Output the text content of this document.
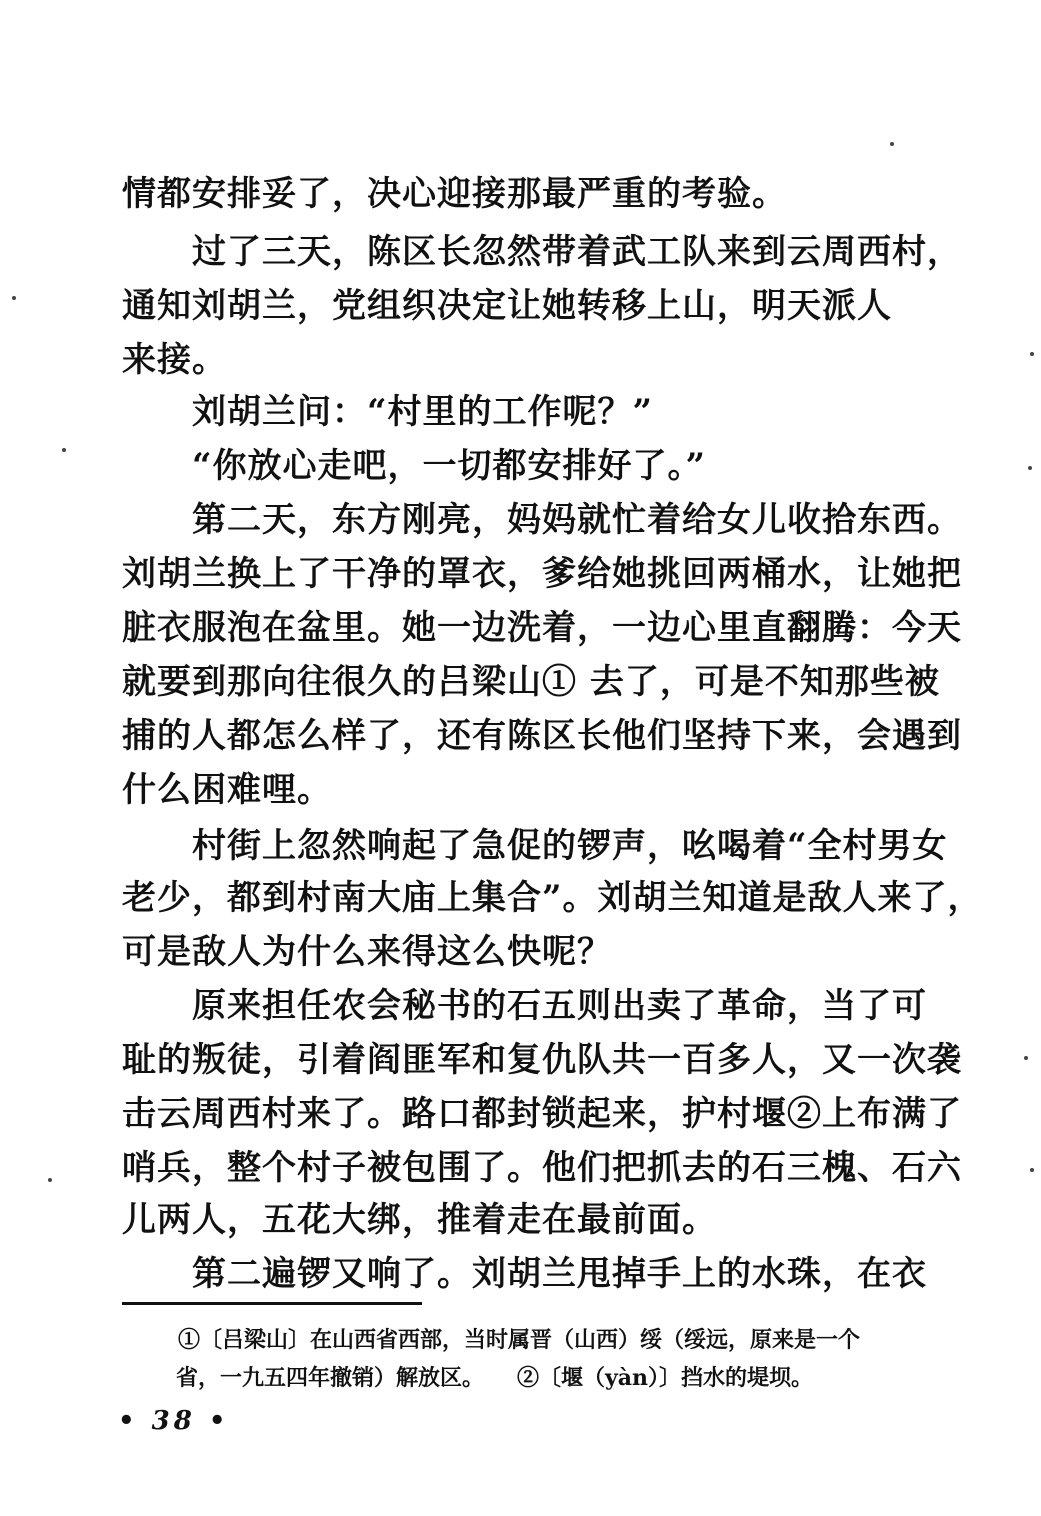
情都安排妥了，决心迎接那最严重的考验。
过了三天，陈区长忽然带着武工队来到云周西村，
通知刘胡兰，党组织决定让她转移上山，明天派人
来接。
刘胡兰问：“村里的工作呢？”
“你放心走吧，一切都安排好了。”
第二天，东方刚亮，妈妈就忙着给女儿收拾东西。
刘胡兰换上了干净的罩衣，爹给她挑回两桶水，让她把
脏衣服泡在盆里。她一边洗着，一边心里直翻腾：今天
就要到那向往很久的吕梁山① 去了，可是不知那些被
捕的人都怎么样了，还有陈区长他们坚持下来，会遇到
什么困难哩。
村街上忽然响起了急促的锣声，吆喝着“全村男女
老少，都到村南大庙上集合”。刘胡兰知道是敌人来了，
可是敌人为什么来得这么快呢？
原来担任农会秘书的石五则出卖了革命，当了可
耻的叛徒，引着阎匪军和复仇队共一百多人，又一次袭
击云周西村来了。路口都封锁起来，护村堰②上布满了
哨兵，整个村子被包围了。他们把抓去的石三槐、石六
儿两人，五花大绑，推着走在最前面。
第二遍锣又响了。刘胡兰甩掉手上的水珠，在衣
①〔吕梁山〕在山西省西部，当时属晋（山西）绥（绥远，原来是一个
省，一九五四年撤销）解放区。　　②〔堰（yàn）〕挡水的堤坝。
• 38 •
